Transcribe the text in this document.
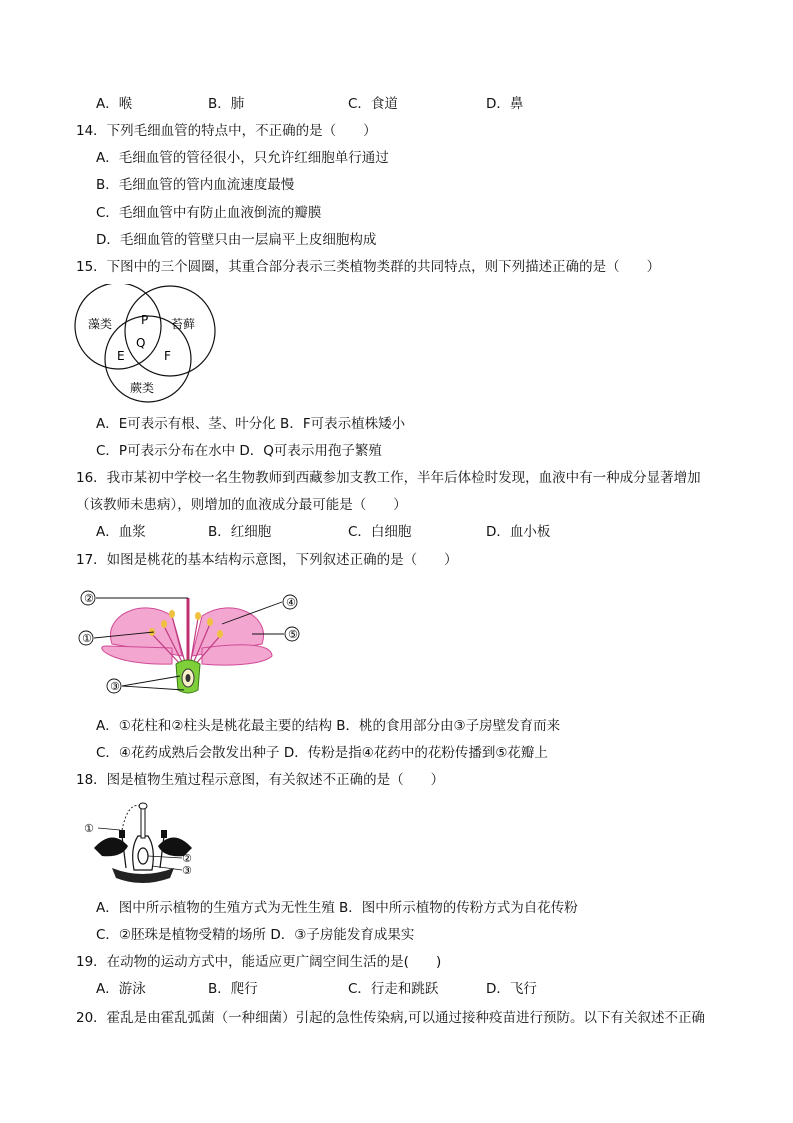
A．喉	B．肺	C．食道	D．鼻
14．下列毛细血管的特点中，不正确的是（　　）
A．毛细血管的管径很小，只允许红细胞单行通过
B．毛细血管的管内血流速度最慢
C．毛细血管中有防止血液倒流的瓣膜
D．毛细血管的管壁只由一层扁平上皮细胞构成
15．下图中的三个圆圈，其重合部分表示三类植物类群的共同特点，则下列描述正确的是（　　）
藻类	苔藓
蕨类
P
Q
E	F
A．E可表示有根、茎、叶分化 B．F可表示植株矮小
C．P可表示分布在水中 D．Q可表示用孢子繁殖
16．我市某初中学校一名生物教师到西藏参加支教工作，半年后体检时发现，血液中有一种成分显著增加
（该教师未患病），则增加的血液成分最可能是（　　）
A．血浆	B．红细胞	C．白细胞	D．血小板
17．如图是桃花的基本结构示意图，下列叙述正确的是（　　）
②	④
①	⑤
③
A．①花柱和②柱头是桃花最主要的结构 B．桃的食用部分由③子房壁发育而来
C．④花药成熟后会散发出种子 D．传粉是指④花药中的花粉传播到⑤花瓣上
18．图是植物生殖过程示意图，有关叙述不正确的是（　　）
①
②
③
A．图中所示植物的生殖方式为无性生殖 B．图中所示植物的传粉方式为自花传粉
C．②胚珠是植物受精的场所 D．③子房能发育成果实
19．在动物的运动方式中，能适应更广阔空间生活的是(　　)
A．游泳	B．爬行	C．行走和跳跃	D．飞行
20．霍乱是由霍乱弧菌（一种细菌）引起的急性传染病,可以通过接种疫苗进行预防。以下有关叙述不正确
